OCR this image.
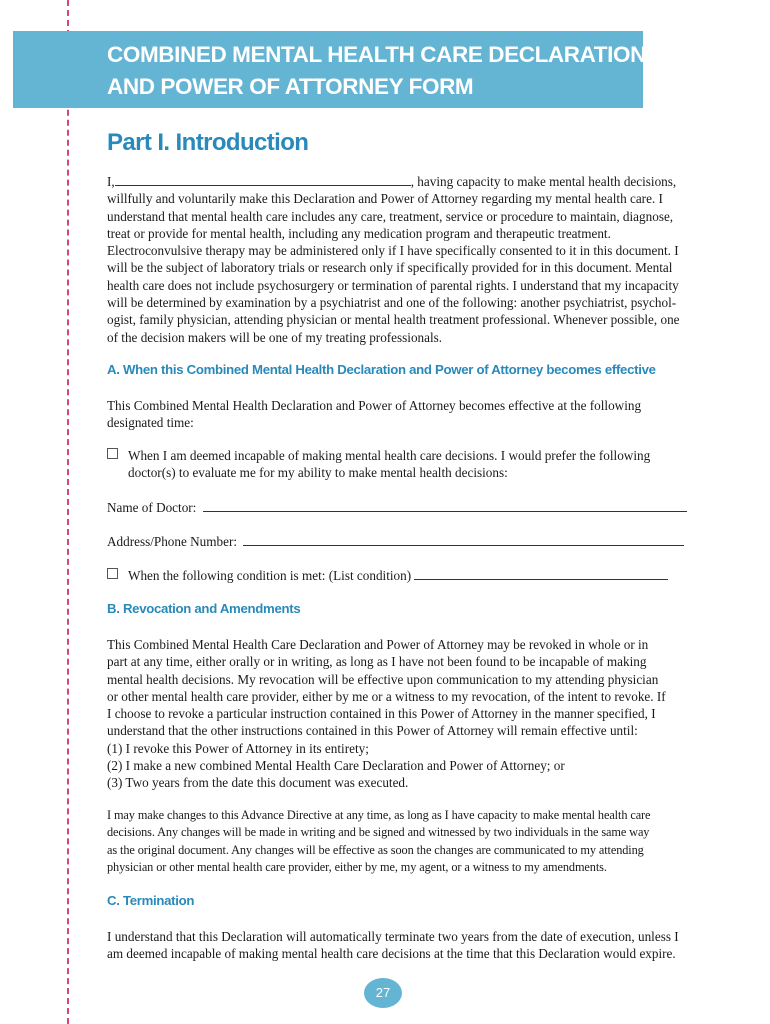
COMBINED MENTAL HEALTH CARE DECLARATION
AND POWER OF ATTORNEY FORM
Part I. Introduction
I,	, having capacity to make mental health decisions,
willfully and voluntarily make this Declaration and Power of Attorney regarding my mental health care. I
understand that mental health care includes any care, treatment, service or procedure to maintain, diagnose,
treat or provide for mental health, including any medication program and therapeutic treatment.
Electroconvulsive therapy may be administered only if I have specifically consented to it in this document. I
will be the subject of laboratory trials or research only if specifically provided for in this document. Mental
health care does not include psychosurgery or termination of parental rights. I understand that my incapacity
will be determined by examination by a psychiatrist and one of the following: another psychiatrist, psychol-
ogist, family physician, attending physician or mental health treatment professional. Whenever possible, one
of the decision makers will be one of my treating professionals.
A. When this Combined Mental Health Declaration and Power of Attorney becomes effective
This Combined Mental Health Declaration and Power of Attorney becomes effective at the following
designated time:
When I am deemed incapable of making mental health care decisions. I would prefer the following
doctor(s) to evaluate me for my ability to make mental health decisions:
Name of Doctor:
Address/Phone Number:
When the following condition is met: (List condition)
B. Revocation and Amendments
This Combined Mental Health Care Declaration and Power of Attorney may be revoked in whole or in
part at any time, either orally or in writing, as long as I have not been found to be incapable of making
mental health decisions. My revocation will be effective upon communication to my attending physician
or other mental health care provider, either by me or a witness to my revocation, of the intent to revoke. If
I choose to revoke a particular instruction contained in this Power of Attorney in the manner specified, I
understand that the other instructions contained in this Power of Attorney will remain effective until:
(1) I revoke this Power of Attorney in its entirety;
(2) I make a new combined Mental Health Care Declaration and Power of Attorney; or
(3) Two years from the date this document was executed.
I may make changes to this Advance Directive at any time, as long as I have capacity to make mental health care
decisions. Any changes will be made in writing and be signed and witnessed by two individuals in the same way
as the original document. Any changes will be effective as soon the changes are communicated to my attending
physician or other mental health care provider, either by me, my agent, or a witness to my amendments.
C. Termination
I understand that this Declaration will automatically terminate two years from the date of execution, unless I
am deemed incapable of making mental health care decisions at the time that this Declaration would expire.
27
